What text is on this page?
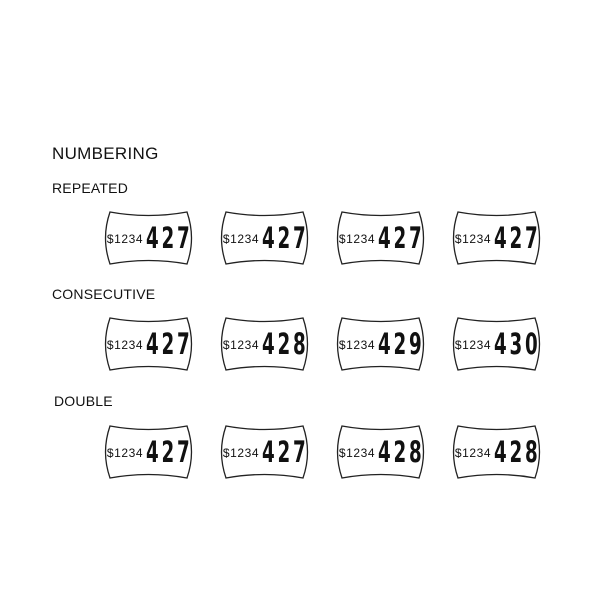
NUMBERING
REPEATED
$1234 427	$1234 427	$1234 427	$1234 427
CONSECUTIVE
$1234 427	$1234 428	$1234 429	$1234 430
DOUBLE
$1234 427	$1234 427	$1234 428	$1234 428
